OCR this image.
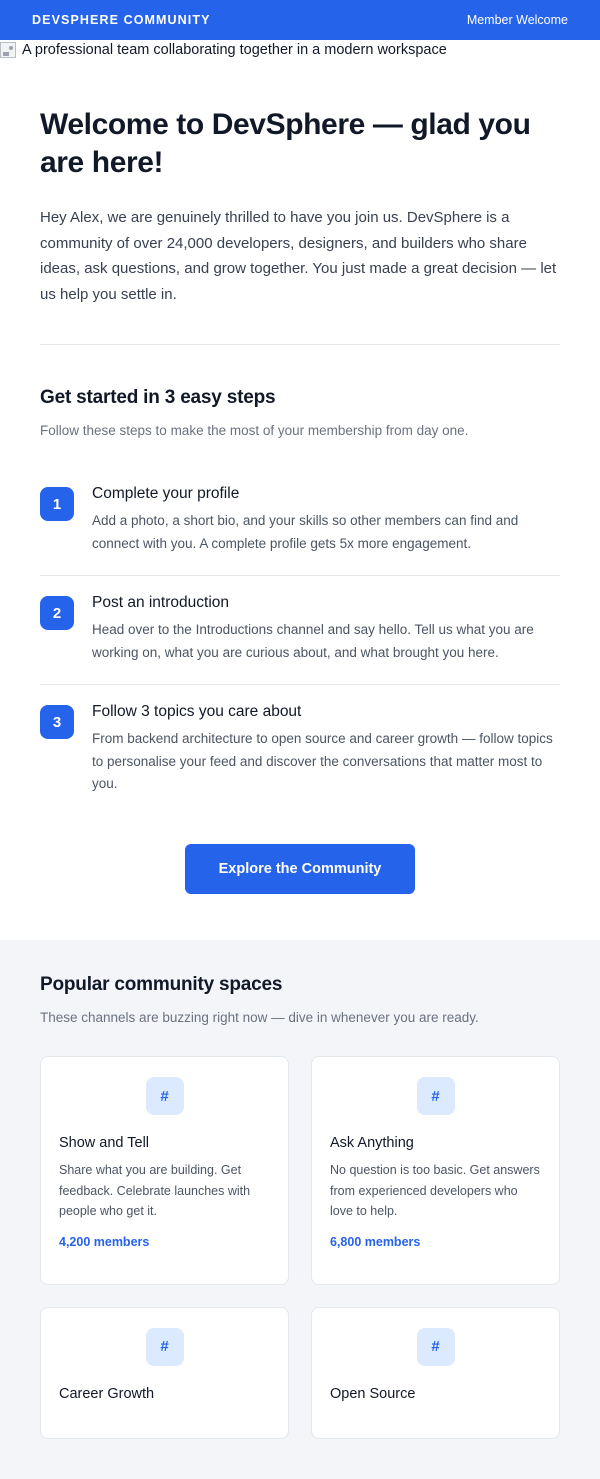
DEVSPHERE COMMUNITY	Member Welcome
A professional team collaborating together in a modern workspace
Welcome to DevSphere — glad you are here!

Hey Alex, we are genuinely thrilled to have you join us. DevSphere is a community of over 24,000 developers, designers, and builders who share ideas, ask questions, and grow together. You just made a great decision — let us help you settle in.

Get started in 3 easy steps

Follow these steps to make the most of your membership from day one.

1

Complete your profile

Add a photo, a short bio, and your skills so other members can find and connect with you. A complete profile gets 5x more engagement.

2

Post an introduction

Head over to the Introductions channel and say hello. Tell us what you are working on, what you are curious about, and what brought you here.

3

Follow 3 topics you care about

From backend architecture to open source and career growth — follow topics to personalise your feed and discover the conversations that matter most to you.

Explore the Community
Popular community spaces

These channels are buzzing right now — dive in whenever you are ready.

#

Show and Tell

Share what you are building. Get feedback. Celebrate launches with people who get it.

4,200 members

#

Ask Anything

No question is too basic. Get answers from experienced developers who love to help.

6,800 members

#

Career Growth

#

Open Source
